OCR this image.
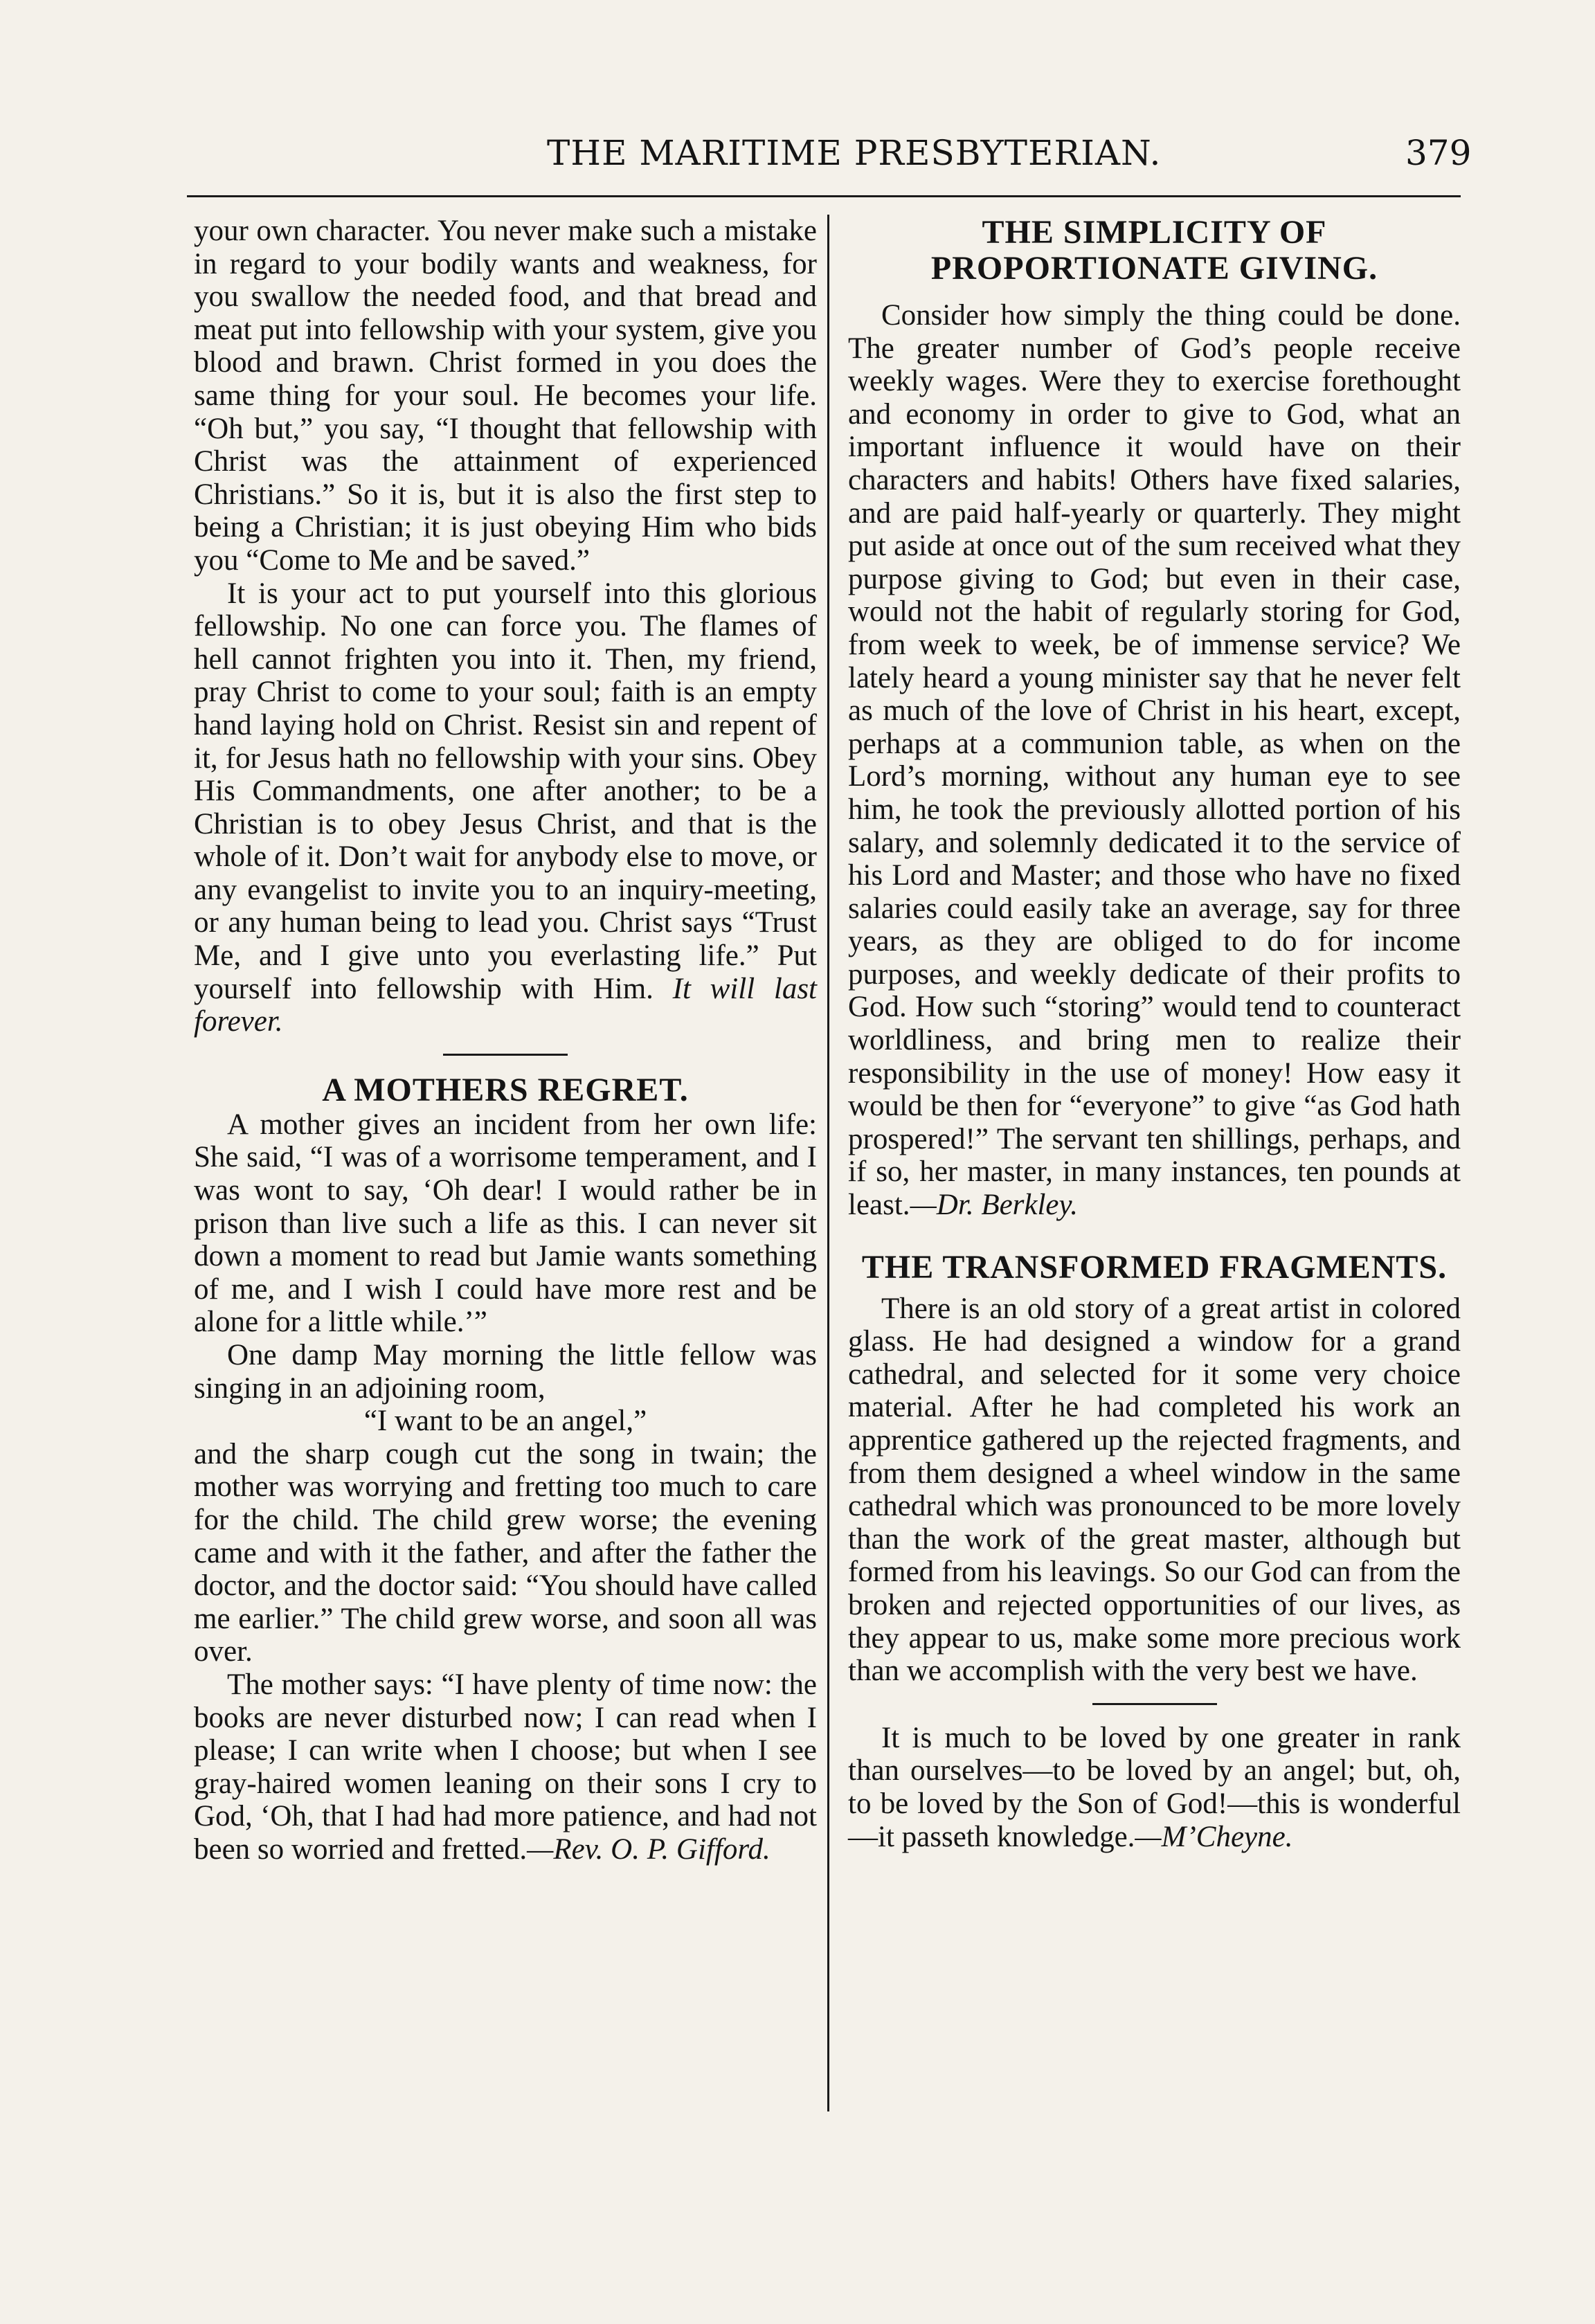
THE MARITIME PRESBYTERIAN.	379

your own character. You never make such a mistake in regard to your bodily wants and weakness, for you swallow the needed food, and that bread and meat put into fellowship with your system, give you blood and brawn. Christ formed in you does the same thing for your soul. He becomes your life. “Oh but,” you say, “I thought that fellowship with Christ was the attainment of experienced Christians.” So it is, but it is also the first step to being a Christian; it is just obeying Him who bids you “Come to Me and be saved.”

It is your act to put yourself into this glorious fellowship. No one can force you. The flames of hell cannot frighten you into it. Then, my friend, pray Christ to come to your soul; faith is an empty hand laying hold on Christ. Resist sin and repent of it, for Jesus hath no fellowship with your sins. Obey His Commandments, one after another; to be a Christian is to obey Jesus Christ, and that is the whole of it. Don’t wait for anybody else to move, or any evangelist to invite you to an inquiry-meeting, or any human being to lead you. Christ says “Trust Me, and I give unto you everlasting life.” Put yourself into fellowship with Him. It will last forever.

A MOTHERS REGRET.

A mother gives an incident from her own life: She said, “I was of a worrisome temperament, and I was wont to say, ‘Oh dear! I would rather be in prison than live such a life as this. I can never sit down a moment to read but Jamie wants something of me, and I wish I could have more rest and be alone for a little while.’”

One damp May morning the little fellow was singing in an adjoining room,

“I want to be an angel,”

and the sharp cough cut the song in twain; the mother was worrying and fretting too much to care for the child. The child grew worse; the evening came and with it the father, and after the father the doctor, and the doctor said: “You should have called me earlier.” The child grew worse, and soon all was over.

The mother says: “I have plenty of time now: the books are never disturbed now; I can read when I please; I can write when I choose; but when I see gray-haired women leaning on their sons I cry to God, ‘Oh, that I had had more patience, and had not been so worried and fretted.—Rev. O. P. Gifford.

THE SIMPLICITY OF PROPORTIONATE GIVING.

Consider how simply the thing could be done. The greater number of God’s people receive weekly wages. Were they to exercise forethought and economy in order to give to God, what an important influence it would have on their characters and habits! Others have fixed salaries, and are paid half-yearly or quarterly. They might put aside at once out of the sum received what they purpose giving to God; but even in their case, would not the habit of regularly storing for God, from week to week, be of immense service? We lately heard a young minister say that he never felt as much of the love of Christ in his heart, except, perhaps at a communion table, as when on the Lord’s morning, without any human eye to see him, he took the previously allotted portion of his salary, and solemnly dedicated it to the service of his Lord and Master; and those who have no fixed salaries could easily take an average, say for three years, as they are obliged to do for income purposes, and weekly dedicate of their profits to God. How such “storing” would tend to counteract worldliness, and bring men to realize their responsibility in the use of money! How easy it would be then for “everyone” to give “as God hath prospered!” The servant ten shillings, perhaps, and if so, her master, in many instances, ten pounds at least.—Dr. Berkley.

THE TRANSFORMED FRAGMENTS.

There is an old story of a great artist in colored glass. He had designed a window for a grand cathedral, and selected for it some very choice material. After he had completed his work an apprentice gathered up the rejected fragments, and from them designed a wheel window in the same cathedral which was pronounced to be more lovely than the work of the great master, although but formed from his leavings. So our God can from the broken and rejected opportunities of our lives, as they appear to us, make some more precious work than we accomplish with the very best we have.

It is much to be loved by one greater in rank than ourselves—to be loved by an angel; but, oh, to be loved by the Son of God!—this is wonderful—it passeth knowledge.—M’Cheyne.
